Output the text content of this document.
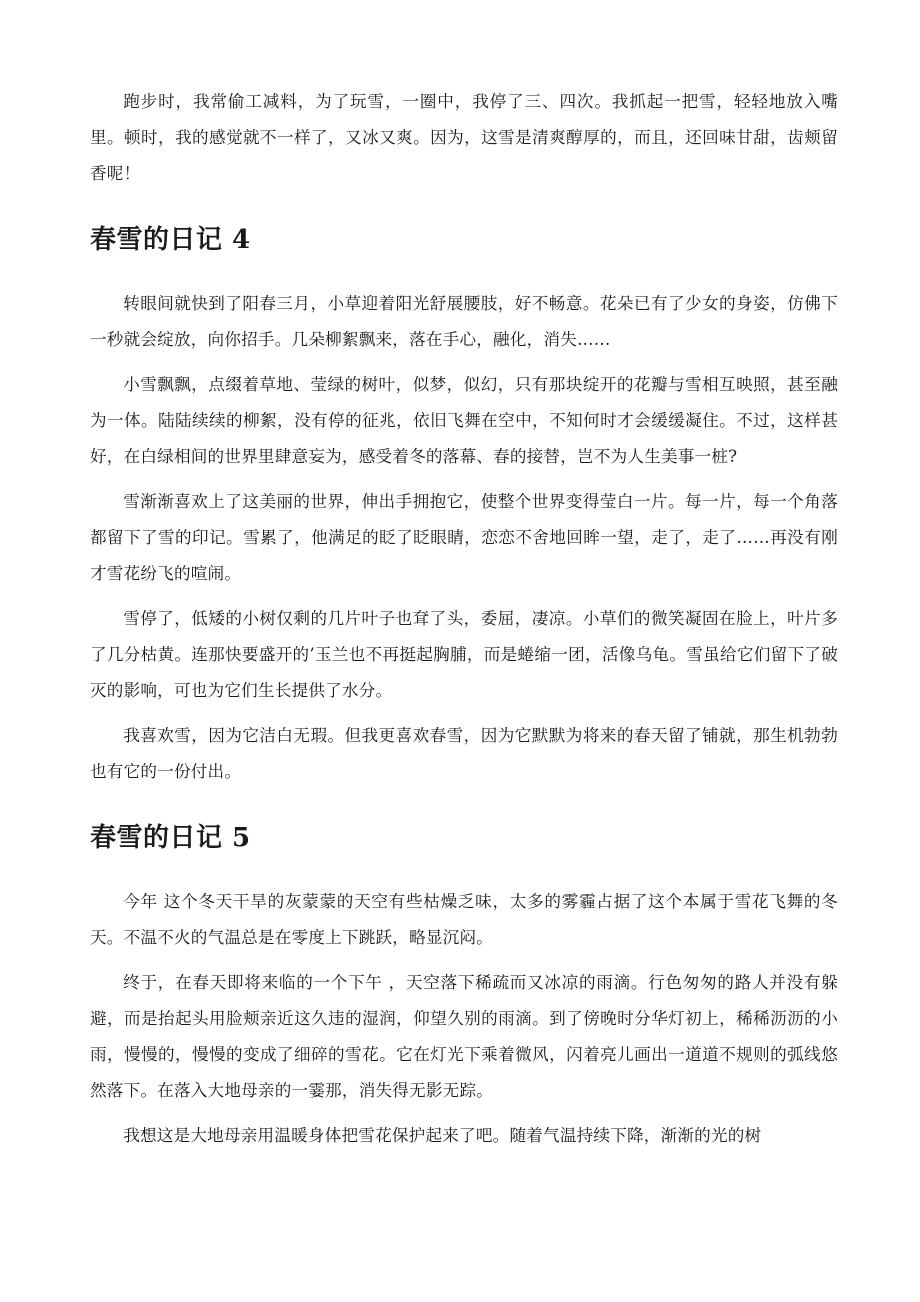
跑步时，我常偷工减料，为了玩雪，一圈中，我停了三、四次。我抓起一把雪，轻轻地放入嘴里。顿时，我的感觉就不一样了，又冰又爽。因为，这雪是清爽醇厚的，而且，还回味甘甜，齿颊留香呢！

春雪的日记 4

转眼间就快到了阳春三月，小草迎着阳光舒展腰肢，好不畅意。花朵已有了少女的身姿，仿佛下一秒就会绽放，向你招手。几朵柳絮飘来，落在手心，融化，消失……

小雪飘飘，点缀着草地、莹绿的树叶，似梦，似幻，只有那块绽开的花瓣与雪相互映照，甚至融为一体。陆陆续续的柳絮，没有停的征兆，依旧飞舞在空中，不知何时才会缓缓凝住。不过，这样甚好，在白绿相间的世界里肆意妄为，感受着冬的落幕、春的接替，岂不为人生美事一桩?

雪渐渐喜欢上了这美丽的世界，伸出手拥抱它，使整个世界变得莹白一片。每一片，每一个角落都留下了雪的印记。雪累了，他满足的眨了眨眼睛，恋恋不舍地回眸一望，走了，走了……再没有刚才雪花纷飞的喧闹。

雪停了，低矮的小树仅剩的几片叶子也耷了头，委屈，凄凉。小草们的微笑凝固在脸上，叶片多了几分枯黄。连那快要盛开的’玉兰也不再挺起胸脯，而是蜷缩一团，活像乌龟。雪虽给它们留下了破灭的影响，可也为它们生长提供了水分。

我喜欢雪，因为它洁白无瑕。但我更喜欢春雪，因为它默默为将来的春天留了铺就，那生机勃勃也有它的一份付出。

春雪的日记 5

今年 这个冬天干旱的灰蒙蒙的天空有些枯燥乏味，太多的雾霾占据了这个本属于雪花飞舞的冬天。不温不火的气温总是在零度上下跳跃，略显沉闷。

终于，在春天即将来临的一个下午 ，天空落下稀疏而又冰凉的雨滴。行色匆匆的路人并没有躲避，而是抬起头用脸颊亲近这久违的湿润，仰望久别的雨滴。到了傍晚时分华灯初上，稀稀沥沥的小雨，慢慢的，慢慢的变成了细碎的雪花。它在灯光下乘着微风，闪着亮儿画出一道道不规则的弧线悠然落下。在落入大地母亲的一霎那，消失得无影无踪。

我想这是大地母亲用温暖身体把雪花保护起来了吧。随着气温持续下降，渐渐的光的树
